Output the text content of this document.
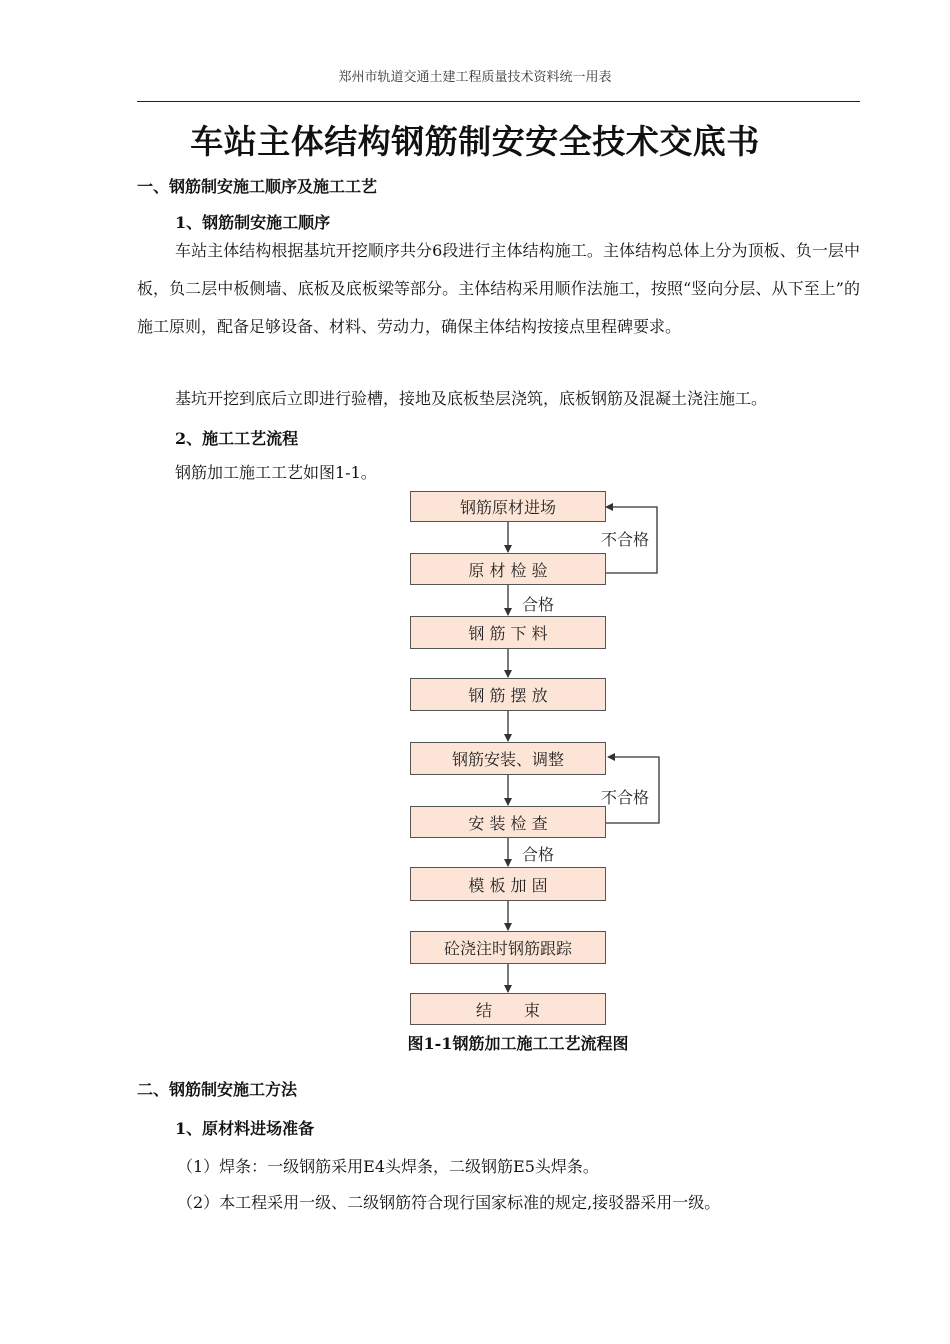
郑州市轨道交通土建工程质量技术资料统一用表
车站主体结构钢筋制安安全技术交底书
一、钢筋制安施工顺序及施工工艺
1、钢筋制安施工顺序
车站主体结构根据基坑开挖顺序共分6段进行主体结构施工。主体结构总体上分为顶板、负一层中板，负二层中板侧墙、底板及底板梁等部分。主体结构采用顺作法施工，按照“竖向分层、从下至上”的施工原则，配备足够设备、材料、劳动力，确保主体结构按接点里程碑要求。
基坑开挖到底后立即进行验槽，接地及底板垫层浇筑，底板钢筋及混凝土浇注施工。
2、施工工艺流程
钢筋加工施工工艺如图1-1。
钢筋原材进场
原 材 检 验
钢 筋 下 料
钢 筋 摆 放
钢筋安装、调整
安 装 检 查
模 板 加 固
砼浇注时钢筋跟踪
结　　束
不合格
合格
不合格
合格
图1-1钢筋加工施工工艺流程图
二、钢筋制安施工方法
1、原材料进场准备
（1）焊条：一级钢筋采用E4头焊条，二级钢筋E5头焊条。
（2）本工程采用一级、二级钢筋符合现行国家标准的规定,接驳器采用一级。
